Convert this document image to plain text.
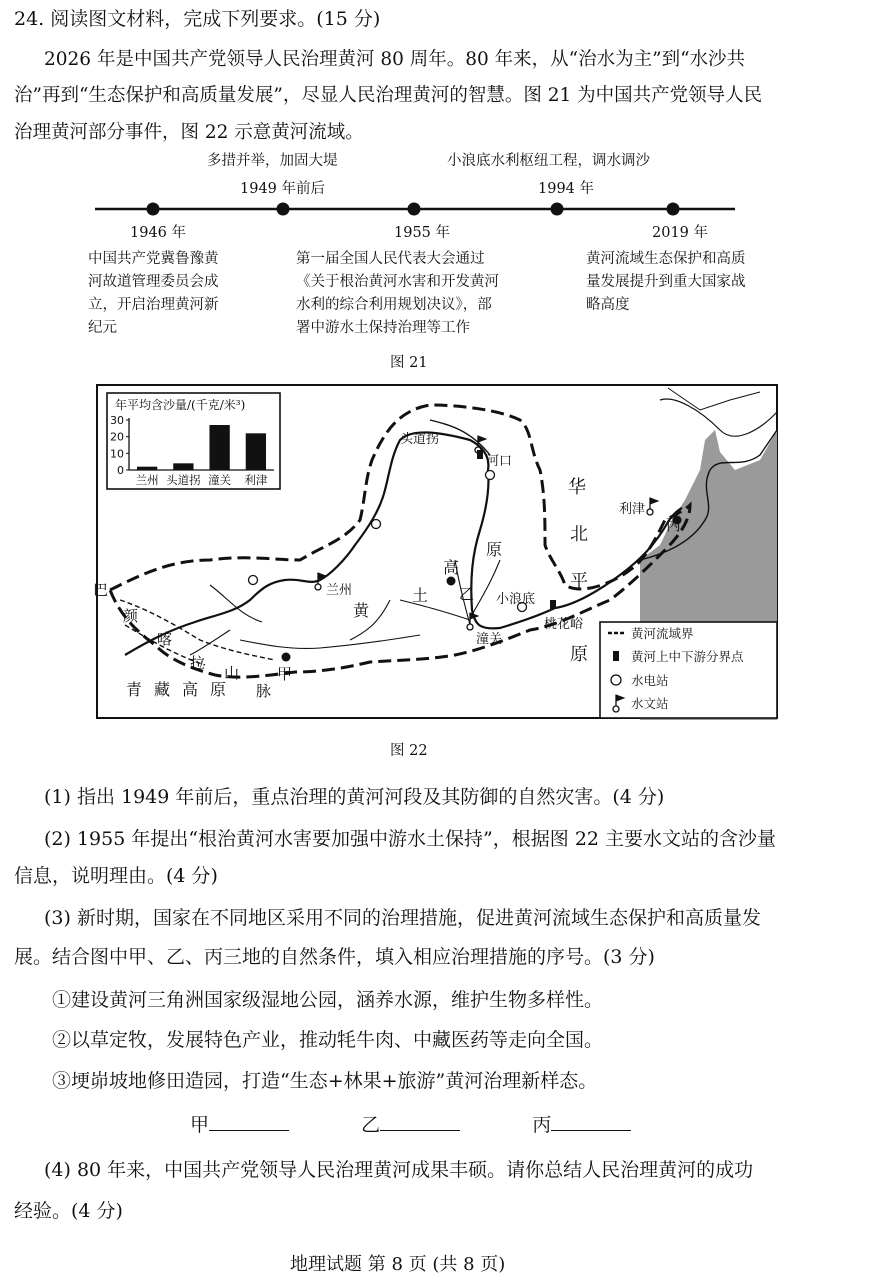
24. 阅读图文材料，完成下列要求。(15 分)
2026 年是中国共产党领导人民治理黄河 80 周年。80 年来，从“治水为主”到“水沙共
治”再到“生态保护和高质量发展”，尽显人民治理黄河的智慧。图 21 为中国共产党领导人民
治理黄河部分事件，图 22 示意黄河流域。
多措并举，加固大堤
1949 年前后
小浪底水利枢纽工程，调水调沙
1994 年
1946 年	1955 年	2019 年
中国共产党冀鲁豫黄
河故道管理委员会成
立，开启治理黄河新
纪元
第一届全国人民代表大会通过
《关于根治黄河水害和开发黄河
水利的综合利用规划决议》，部
署中游水土保持治理等工作
黄河流域生态保护和高质
量发展提升到重大国家战
略高度
图 21
0
10
20
30
兰州 头道拐 潼关 利津
年平均含沙量/(千克/米³)
头道拐
河口
兰州
潼关
小浪底
桃花峪
利津
甲
乙
丙
黄
土
高
原
华
北
平
原
巴
颜
喀
拉
山
脉
青藏高原
黄河流域界
黄河上中下游分界点
水电站
水文站
图 22
(1) 指出 1949 年前后，重点治理的黄河河段及其防御的自然灾害。(4 分)
(2) 1955 年提出“根治黄河水害要加强中游水土保持”，根据图 22 主要水文站的含沙量
信息，说明理由。(4 分)
(3) 新时期，国家在不同地区采用不同的治理措施，促进黄河流域生态保护和高质量发
展。结合图中甲、乙、丙三地的自然条件，填入相应治理措施的序号。(3 分)
①建设黄河三角洲国家级湿地公园，涵养水源，维护生物多样性。
②以草定牧，发展特色产业，推动牦牛肉、中藏医药等走向全国。
③埂峁坡地修田造园，打造“生态+林果+旅游”黄河治理新样态。
甲	乙	丙
(4) 80 年来，中国共产党领导人民治理黄河成果丰硕。请你总结人民治理黄河的成功
经验。(4 分)
地理试题 第 8 页 (共 8 页)
